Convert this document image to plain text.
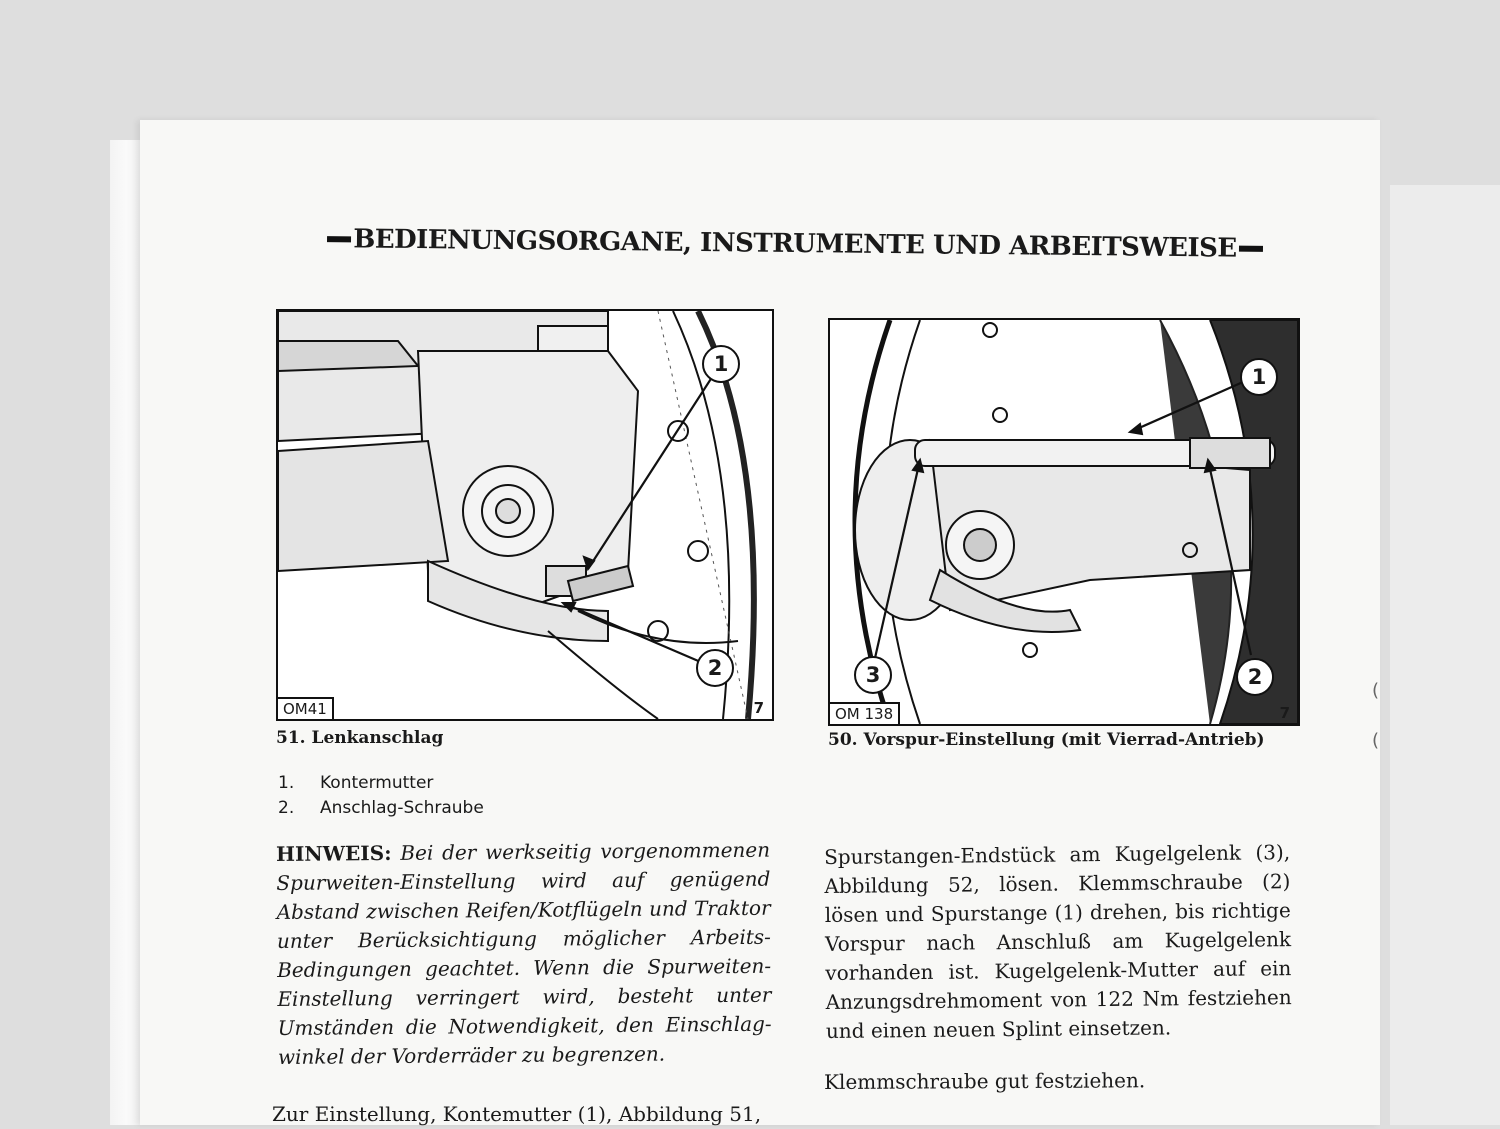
(
(
BEDIENUNGSORGANE, INSTRUMENTE UND ARBEITSWEISE
1
2
OM41	7
51. Lenkanschlag
1
2
3
OM 138	7
50. Vorspur-Einstellung (mit Vierrad-Antrieb)
1. Kontermutter
2. Anschlag-Schraube
HINWEIS: Bei der werkseitig vorgenommenen Spurweiten-Einstellung wird auf genügend Abstand zwischen Reifen/Kotflügeln und Traktor unter Berücksichtigung möglicher Arbeits-Bedingungen geachtet. Wenn die Spurweiten-Einstellung verringert wird, besteht unter Umständen die Notwendigkeit, den Einschlag-winkel der Vorderräder zu begrenzen.
Zur Einstellung, Kontemutter (1), Abbildung 51,
Spurstangen-Endstück am Kugelgelenk (3), Abbildung 52, lösen. Klemmschraube (2) lösen und Spurstange (1) drehen, bis richtige Vorspur nach Anschluß am Kugelgelenk vorhanden ist. Kugelgelenk-Mutter auf ein Anzungsdrehmoment von 122 Nm festziehen und einen neuen Splint einsetzen.
Klemmschraube gut festziehen.
